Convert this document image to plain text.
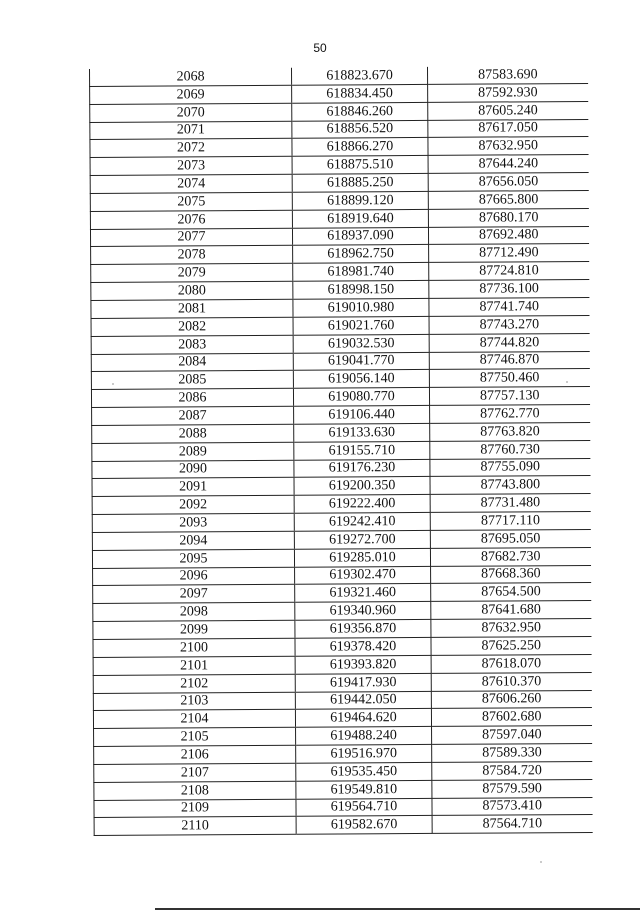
50
2068	618823.670	87583.690
2069	618834.450	87592.930
2070	618846.260	87605.240
2071	618856.520	87617.050
2072	618866.270	87632.950
2073	618875.510	87644.240
2074	618885.250	87656.050
2075	618899.120	87665.800
2076	618919.640	87680.170
2077	618937.090	87692.480
2078	618962.750	87712.490
2079	618981.740	87724.810
2080	618998.150	87736.100
2081	619010.980	87741.740
2082	619021.760	87743.270
2083	619032.530	87744.820
2084	619041.770	87746.870
2085	619056.140	87750.460
2086	619080.770	87757.130
2087	619106.440	87762.770
2088	619133.630	87763.820
2089	619155.710	87760.730
2090	619176.230	87755.090
2091	619200.350	87743.800
2092	619222.400	87731.480
2093	619242.410	87717.110
2094	619272.700	87695.050
2095	619285.010	87682.730
2096	619302.470	87668.360
2097	619321.460	87654.500
2098	619340.960	87641.680
2099	619356.870	87632.950
2100	619378.420	87625.250
2101	619393.820	87618.070
2102	619417.930	87610.370
2103	619442.050	87606.260
2104	619464.620	87602.680
2105	619488.240	87597.040
2106	619516.970	87589.330
2107	619535.450	87584.720
2108	619549.810	87579.590
2109	619564.710	87573.410
2110	619582.670	87564.710
